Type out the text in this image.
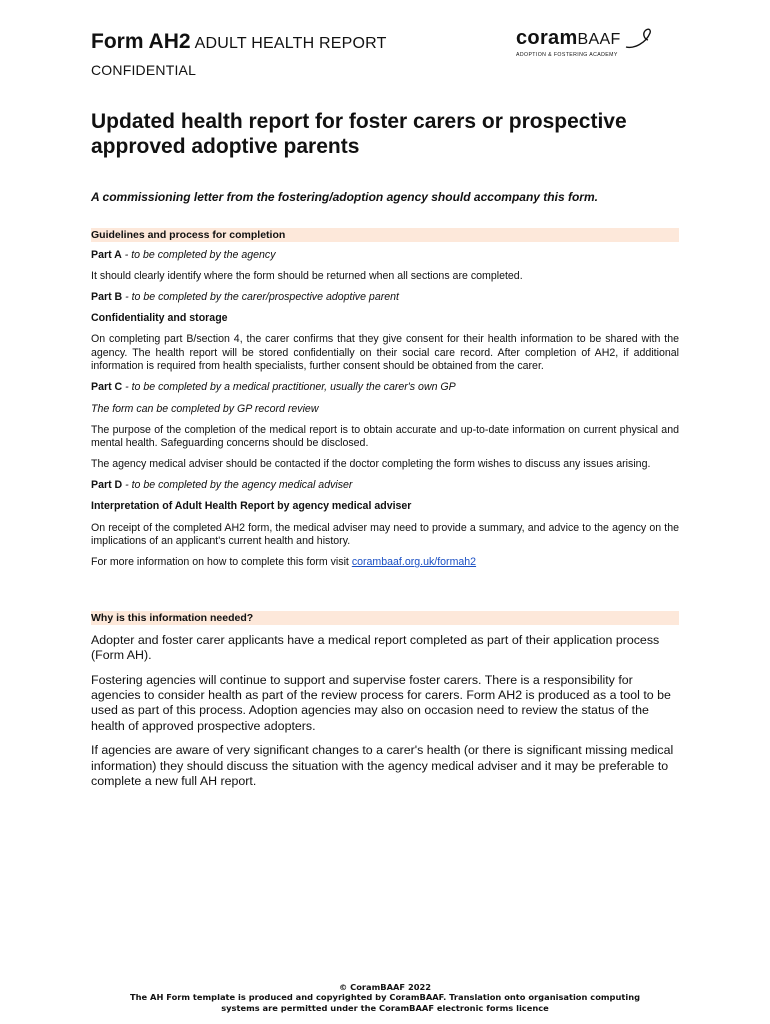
Form AH2 ADULT HEALTH REPORT
CONFIDENTIAL
coramBAAF
ADOPTION & FOSTERING ACADEMY
Updated health report for foster carers or prospective approved adoptive parents

A commissioning letter from the fostering/adoption agency should accompany this form.

Guidelines and process for completion

Part A - to be completed by the agency

It should clearly identify where the form should be returned when all sections are completed.

Part B - to be completed by the carer/prospective adoptive parent

Confidentiality and storage

On completing part B/section 4, the carer confirms that they give consent for their health information to be shared with the agency. The health report will be stored confidentially on their social care record. After completion of AH2, if additional information is required from health specialists, further consent should be obtained from the carer.

Part C - to be completed by a medical practitioner, usually the carer's own GP

The form can be completed by GP record review

The purpose of the completion of the medical report is to obtain accurate and up-to-date information on current physical and mental health. Safeguarding concerns should be disclosed.

The agency medical adviser should be contacted if the doctor completing the form wishes to discuss any issues arising.

Part D - to be completed by the agency medical adviser

Interpretation of Adult Health Report by agency medical adviser

On receipt of the completed AH2 form, the medical adviser may need to provide a summary, and advice to the agency on the implications of an applicant's current health and history.

For more information on how to complete this form visit corambaaf.org.uk/formah2

Why is this information needed?

Adopter and foster carer applicants have a medical report completed as part of their application process (Form AH).

Fostering agencies will continue to support and supervise foster carers. There is a responsibility for agencies to consider health as part of the review process for carers. Form AH2 is produced as a tool to be used as part of this process. Adoption agencies may also on occasion need to review the status of the health of approved prospective adopters.

If agencies are aware of very significant changes to a carer's health (or there is significant missing medical information) they should discuss the situation with the agency medical adviser and it may be preferable to complete a new full AH report.

© CoramBAAF 2022
The AH Form template is produced and copyrighted by CoramBAAF. Translation onto organisation computing
systems are permitted under the CoramBAAF electronic forms licence
